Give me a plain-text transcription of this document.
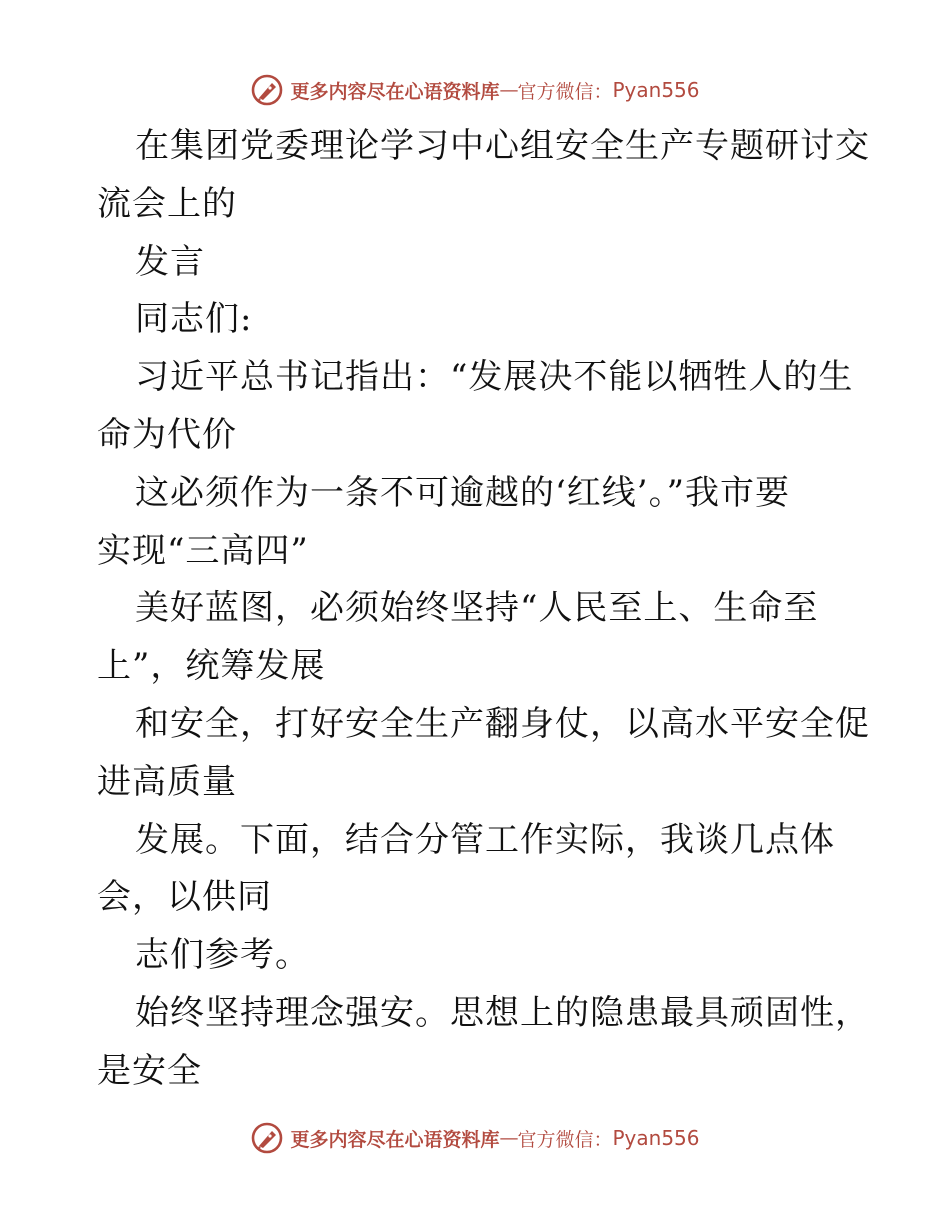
更多内容尽在心语资料库 — 官方微信： Pyan556
在集团党委理论学习中心组安全生产专题研讨交
流会上的
发言
同志们:
习近平总书记指出：“发展决不能以牺牲人的生
命为代价
这必须作为一条不可逾越的‘红线’。”我市要
实现“三高四”
美好蓝图，必须始终坚持“人民至上、生命至
上”，统筹发展
和安全，打好安全生产翻身仗，以高水平安全促
进高质量
发展。下面，结合分管工作实际，我谈几点体
会，以供同
志们参考。
始终坚持理念强安。思想上的隐患最具顽固性，
是安全
更多内容尽在心语资料库 — 官方微信： Pyan556
